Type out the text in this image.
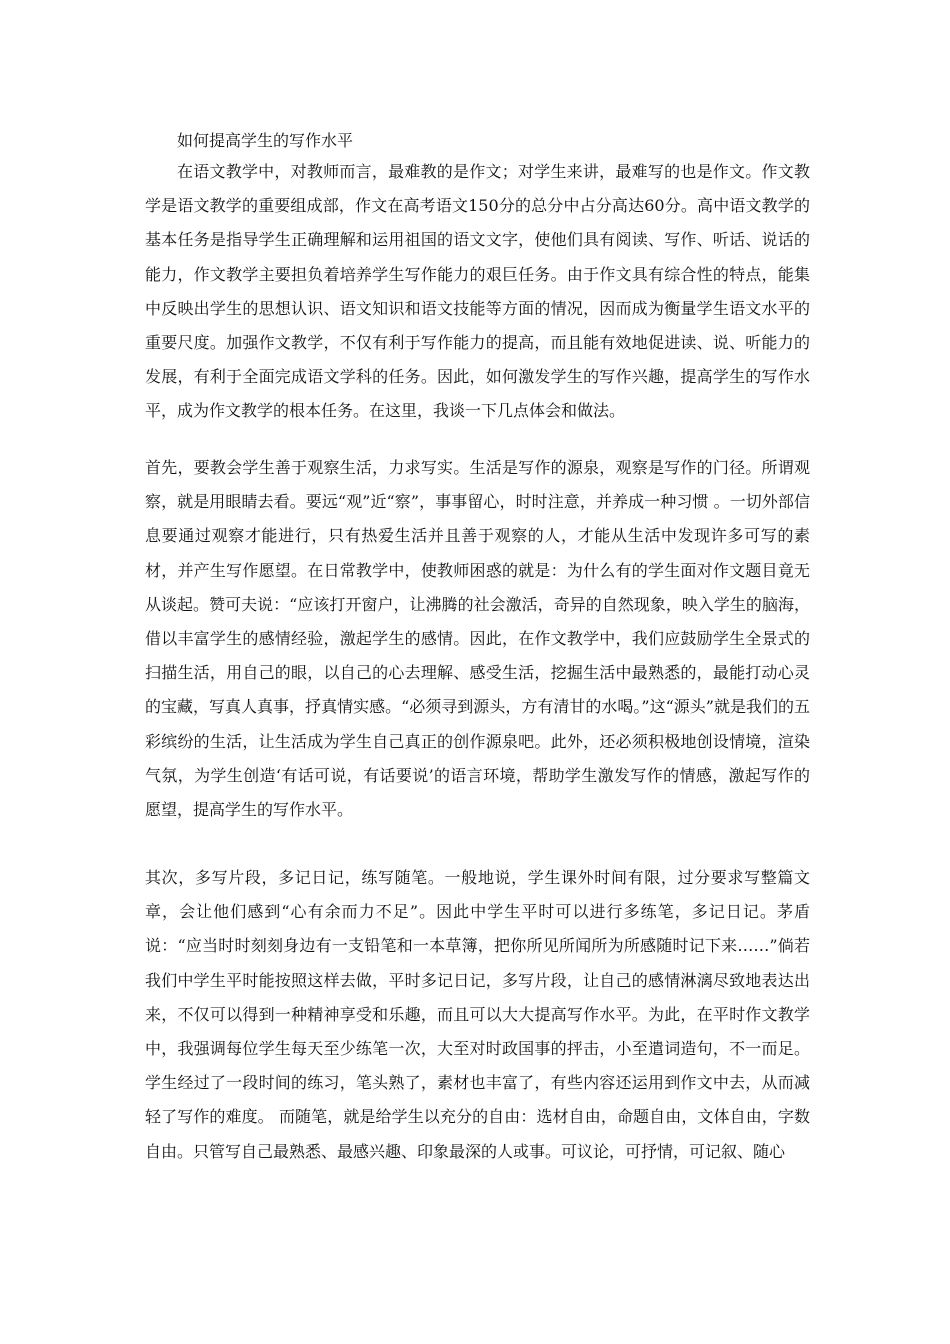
如何提高学生的写作水平
在语文教学中，对教师而言，最难教的是作文；对学生来讲，最难写的也是作文。作文教学是语文教学的重要组成部，作文在高考语文150分的总分中占分高达60分。高中语文教学的基本任务是指导学生正确理解和运用祖国的语文文字，使他们具有阅读、写作、听话、说话的能力，作文教学主要担负着培养学生写作能力的艰巨任务。由于作文具有综合性的特点，能集中反映出学生的思想认识、语文知识和语文技能等方面的情况，因而成为衡量学生语文水平的重要尺度。加强作文教学，不仅有利于写作能力的提高，而且能有效地促进读、说、听能力的发展，有利于全面完成语文学科的任务。因此，如何激发学生的写作兴趣，提高学生的写作水平，成为作文教学的根本任务。在这里，我谈一下几点体会和做法。
首先，要教会学生善于观察生活，力求写实。生活是写作的源泉，观察是写作的门径。所谓观察，就是用眼睛去看。要远“观”近“察”，事事留心，时时注意，并养成一种习惯 。一切外部信息要通过观察才能进行，只有热爱生活并且善于观察的人，才能从生活中发现许多可写的素材，并产生写作愿望。在日常教学中，使教师困惑的就是：为什么有的学生面对作文题目竟无从谈起。赞可夫说：“应该打开窗户，让沸腾的社会激活，奇异的自然现象，映入学生的脑海，借以丰富学生的感情经验，激起学生的感情。因此，在作文教学中，我们应鼓励学生全景式的扫描生活，用自己的眼，以自己的心去理解、感受生活，挖掘生活中最熟悉的，最能打动心灵的宝藏，写真人真事，抒真情实感。“必须寻到源头，方有清甘的水喝。”这“源头”就是我们的五彩缤纷的生活，让生活成为学生自己真正的创作源泉吧。此外，还必须积极地创设情境，渲染气氛，为学生创造‘有话可说，有话要说’的语言环境，帮助学生激发写作的情感，激起写作的愿望，提高学生的写作水平。
其次，多写片段，多记日记，练写随笔。一般地说，学生课外时间有限，过分要求写整篇文章，会让他们感到“心有余而力不足”。因此中学生平时可以进行多练笔，多记日记。茅盾说：“应当时时刻刻身边有一支铅笔和一本草簿，把你所见所闻所为所感随时记下来……”倘若我们中学生平时能按照这样去做，平时多记日记，多写片段，让自己的感情淋漓尽致地表达出来，不仅可以得到一种精神享受和乐趣，而且可以大大提高写作水平。为此，在平时作文教学中，我强调每位学生每天至少练笔一次，大至对时政国事的抨击，小至遣词造句，不一而足。学生经过了一段时间的练习，笔头熟了，素材也丰富了，有些内容还运用到作文中去，从而减轻了写作的难度。 而随笔，就是给学生以充分的自由：选材自由，命题自由，文体自由，字数自由。只管写自己最熟悉、最感兴趣、印象最深的人或事。可议论，可抒情，可记叙、随心
